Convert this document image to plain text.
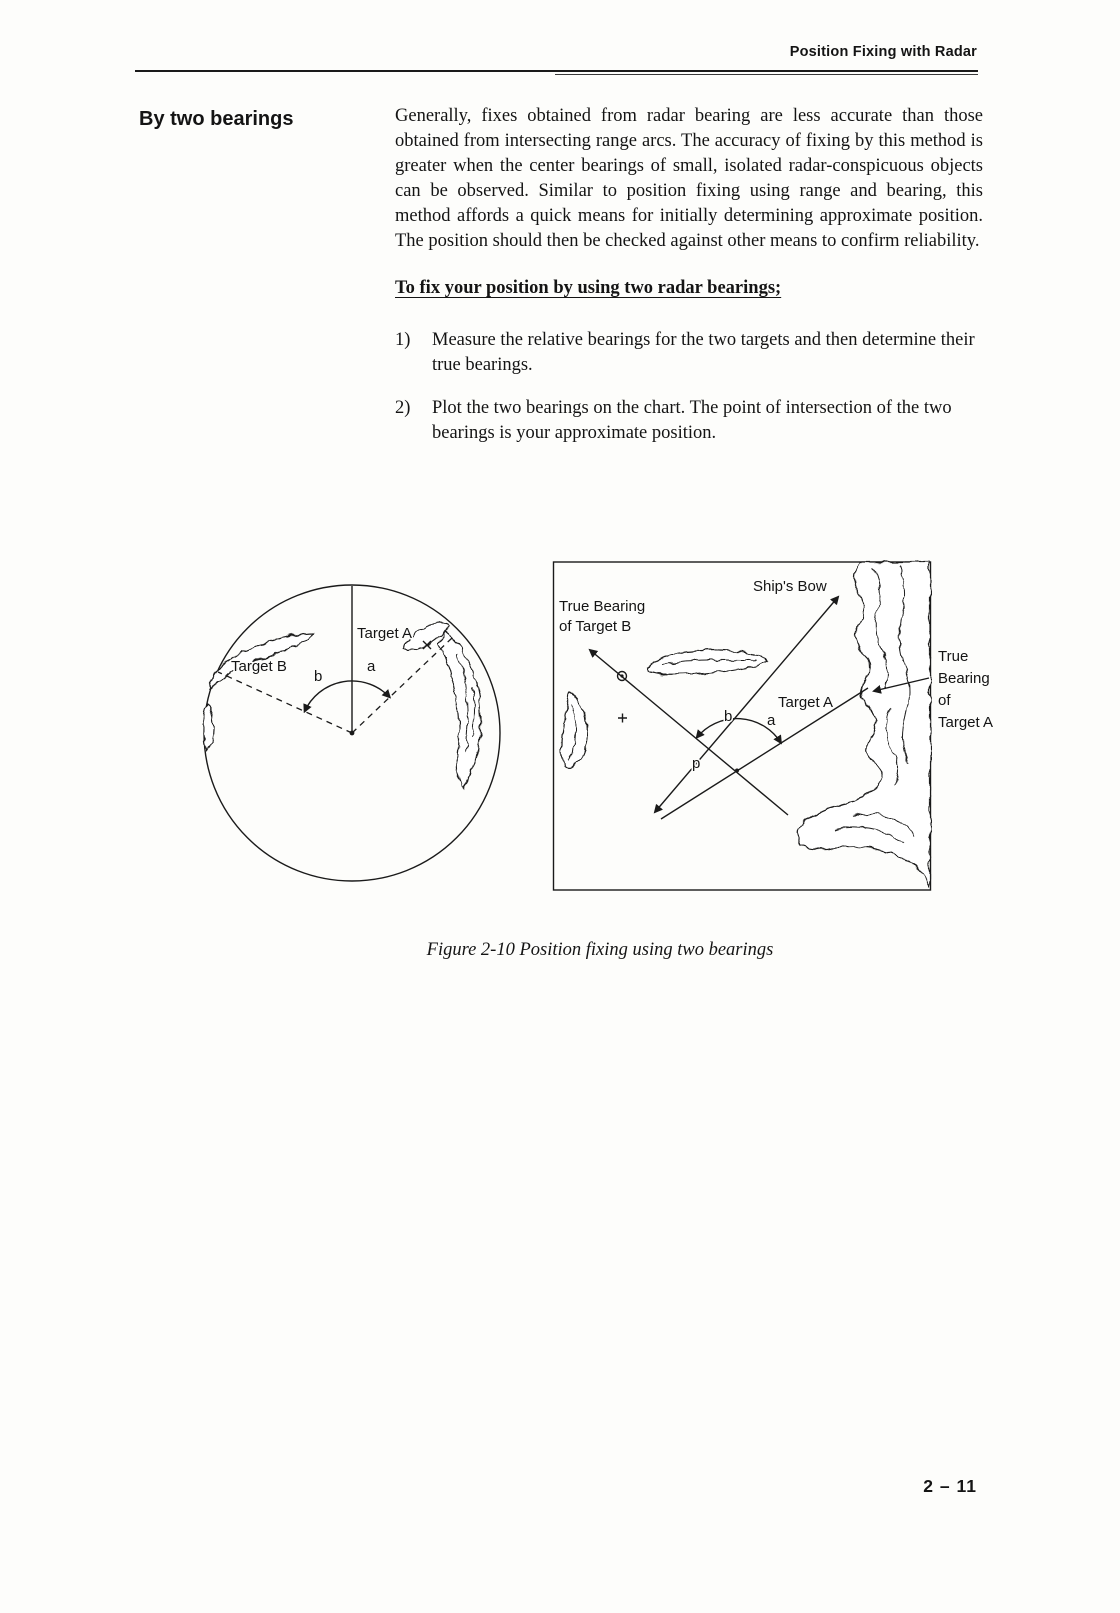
Position Fixing with Radar
By two bearings	Generally, fixes obtained from radar bearing are less accurate than those obtained from intersecting range arcs. The accuracy of fixing by this method is greater when the center bearings of small, isolated radar-conspicuous objects can be observed. Similar to position fixing using range and bearing, this method affords a quick means for initially determining approximate position. The position should then be checked against other means to confirm reliability.

To fix your position by using two radar bearings;

1)	Measure the relative bearings for the two targets and then determine their true bearings.
2)	Plot the two bearings on the chart. The point of intersection of the two bearings is your approximate position.
Target A
Target B	a
b
Ship's Bow
True Bearing
of Target B
Target A
b a
p
True
Bearing
of
Target A
Figure 2-10 Position fixing using two bearings
2 – 11
